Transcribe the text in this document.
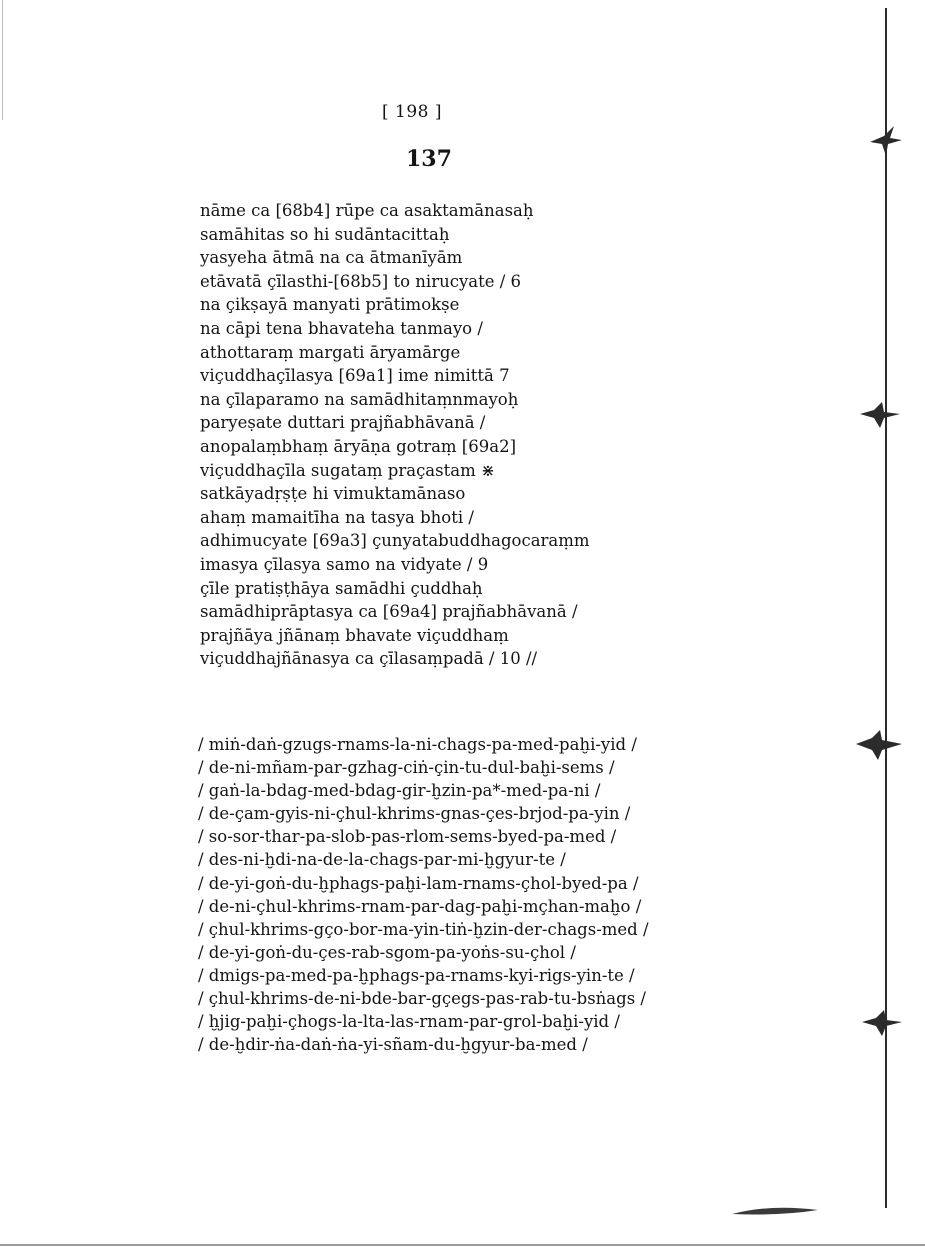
[ 198 ]
137
nāme ca [68b4] rūpe ca asaktamānasaḥ
samāhitas so hi sudāntacittaḥ
yasyeha ātmā na ca ātmanīyām
etāvatā çīlasthi-[68b5] to nirucyate / 6
na çikṣayā manyati prātimokṣe
na cāpi tena bhavateha tanmayo /
athottaraṃ margati āryamārge
viçuddhaçīlasya [69a1] ime nimittā 7
na çīlaparamo na samādhitaṃnmayoḥ
paryeṣate duttari prajñabhāvanā /
anopalaṃbhaṃ āryāṇa gotraṃ [69a2]
viçuddhaçīla sugataṃ praçastam ⋇
satkāyadṛṣṭe hi vimuktamānaso
ahaṃ mamaitīha na tasya bhoti /
adhimucyate [69a3] çunyatabuddhagocaraṃm
imasya çīlasya samo na vidyate / 9
çīle pratiṣṭhāya samādhi çuddhaḥ
samādhiprāptasya ca [69a4] prajñabhāvanā /
prajñāya jñānaṃ bhavate viçuddhaṃ
viçuddhajñānasya ca çīlasaṃpadā / 10 //
/ miṅ-daṅ-gzugs-rnams-la-ni-chags-pa-med-paḫi-yid /
/ de-ni-mñam-par-gzhag-ciṅ-çin-tu-dul-baḫi-sems /
/ gaṅ-la-bdag-med-bdag-gir-ḫzin-pa*-med-pa-ni /
/ de-çam-gyis-ni-çhul-khrims-gnas-çes-brjod-pa-yin /
/ so-sor-thar-pa-slob-pas-rlom-sems-byed-pa-med /
/ des-ni-ḫdi-na-de-la-chags-par-mi-ḫgyur-te /
/ de-yi-goṅ-du-ḫphags-paḫi-lam-rnams-çhol-byed-pa /
/ de-ni-çhul-khrims-rnam-par-dag-paḫi-mçhan-maḫo /
/ çhul-khrims-gço-bor-ma-yin-tiṅ-ḫzin-der-chags-med /
/ de-yi-goṅ-du-çes-rab-sgom-pa-yoṅs-su-çhol /
/ dmigs-pa-med-pa-ḫphags-pa-rnams-kyi-rigs-yin-te /
/ çhul-khrims-de-ni-bde-bar-gçegs-pas-rab-tu-bsṅags /
/ ḫjig-paḫi-çhogs-la-lta-las-rnam-par-grol-baḫi-yid /
/ de-ḫdir-ṅa-daṅ-ṅa-yi-sñam-du-ḫgyur-ba-med /
